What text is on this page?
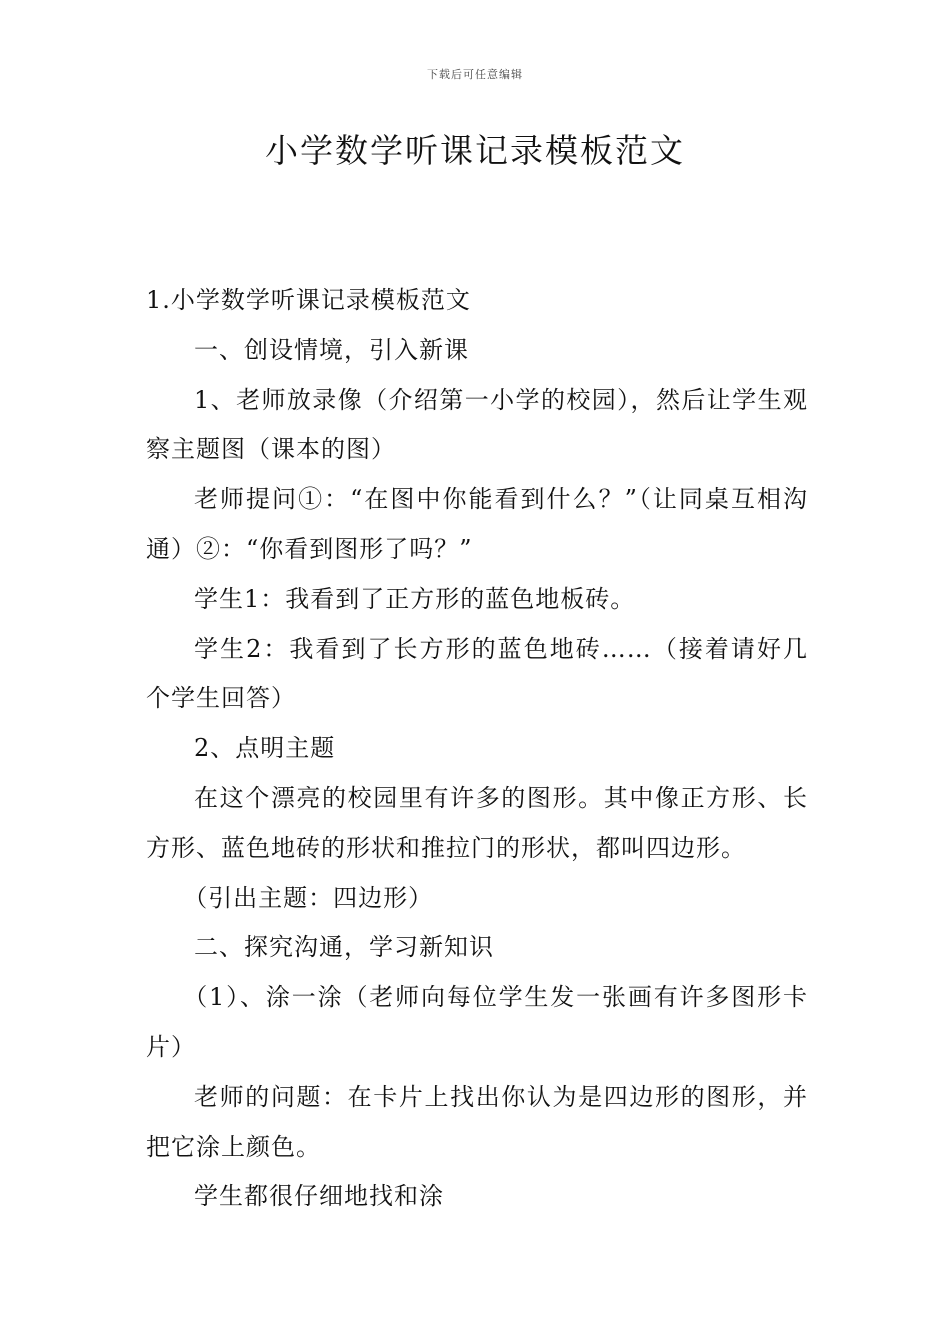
下载后可任意编辑
小学数学听课记录模板范文

1.小学数学听课记录模板范文

一、创设情境，引入新课

1、老师放录像（介绍第一小学的校园），然后让学生观察主题图（课本的图）

老师提问①：“在图中你能看到什么？”（让同桌互相沟通）②：“你看到图形了吗？”

学生1：我看到了正方形的蓝色地板砖。

学生2：我看到了长方形的蓝色地砖……（接着请好几个学生回答）

2、点明主题

在这个漂亮的校园里有许多的图形。其中像正方形、长方形、蓝色地砖的形状和推拉门的形状，都叫四边形。

（引出主题：四边形）

二、探究沟通，学习新知识

（1）、涂一涂（老师向每位学生发一张画有许多图形卡片）

老师的问题：在卡片上找出你认为是四边形的图形，并把它涂上颜色。

学生都很仔细地找和涂
